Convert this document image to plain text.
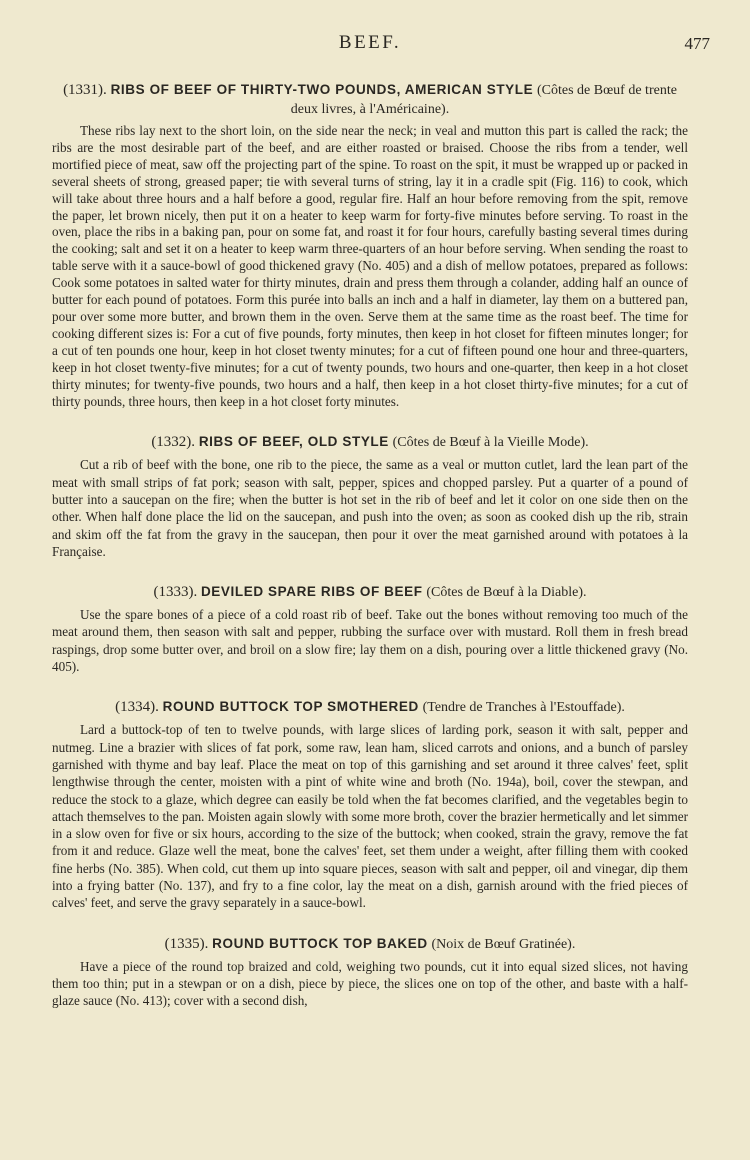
BEEF.	477

(1331). RIBS OF BEEF OF THIRTY-TWO POUNDS, AMERICAN STYLE (Côtes de Bœuf de trente deux livres, à l'Américaine).

These ribs lay next to the short loin, on the side near the neck; in veal and mutton this part is called the rack; the ribs are the most desirable part of the beef, and are either roasted or braised. Choose the ribs from a tender, well mortified piece of meat, saw off the projecting part of the spine. To roast on the spit, it must be wrapped up or packed in several sheets of strong, greased paper; tie with several turns of string, lay it in a cradle spit (Fig. 116) to cook, which will take about three hours and a half before a good, regular fire. Half an hour before removing from the spit, remove the paper, let brown nicely, then put it on a heater to keep warm for forty-five minutes before serving. To roast in the oven, place the ribs in a baking pan, pour on some fat, and roast it for four hours, carefully basting several times during the cooking; salt and set it on a heater to keep warm three-quarters of an hour before serving. When sending the roast to table serve with it a sauce-bowl of good thickened gravy (No. 405) and a dish of mellow potatoes, prepared as follows: Cook some potatoes in salted water for thirty minutes, drain and press them through a colander, adding half an ounce of butter for each pound of potatoes. Form this purée into balls an inch and a half in diameter, lay them on a buttered pan, pour over some more butter, and brown them in the oven. Serve them at the same time as the roast beef. The time for cooking different sizes is: For a cut of five pounds, forty minutes, then keep in hot closet for fifteen minutes longer; for a cut of ten pounds one hour, keep in hot closet twenty minutes; for a cut of fifteen pound one hour and three-quarters, keep in hot closet twenty-five minutes; for a cut of twenty pounds, two hours and one-quarter, then keep in a hot closet thirty minutes; for twenty-five pounds, two hours and a half, then keep in a hot closet thirty-five minutes; for a cut of thirty pounds, three hours, then keep in a hot closet forty minutes.

(1332). RIBS OF BEEF, OLD STYLE (Côtes de Bœuf à la Vieille Mode).

Cut a rib of beef with the bone, one rib to the piece, the same as a veal or mutton cutlet, lard the lean part of the meat with small strips of fat pork; season with salt, pepper, spices and chopped parsley. Put a quarter of a pound of butter into a saucepan on the fire; when the butter is hot set in the rib of beef and let it color on one side then on the other. When half done place the lid on the saucepan, and push into the oven; as soon as cooked dish up the rib, strain and skim off the fat from the gravy in the saucepan, then pour it over the meat garnished around with potatoes à la Française.

(1333). DEVILED SPARE RIBS OF BEEF (Côtes de Bœuf à la Diable).

Use the spare bones of a piece of a cold roast rib of beef. Take out the bones without removing too much of the meat around them, then season with salt and pepper, rubbing the surface over with mustard. Roll them in fresh bread raspings, drop some butter over, and broil on a slow fire; lay them on a dish, pouring over a little thickened gravy (No. 405).

(1334). ROUND BUTTOCK TOP SMOTHERED (Tendre de Tranches à l'Estouffade).

Lard a buttock-top of ten to twelve pounds, with large slices of larding pork, season it with salt, pepper and nutmeg. Line a brazier with slices of fat pork, some raw, lean ham, sliced carrots and onions, and a bunch of parsley garnished with thyme and bay leaf. Place the meat on top of this garnishing and set around it three calves' feet, split lengthwise through the center, moisten with a pint of white wine and broth (No. 194a), boil, cover the stewpan, and reduce the stock to a glaze, which degree can easily be told when the fat becomes clarified, and the vegetables begin to attach themselves to the pan. Moisten again slowly with some more broth, cover the brazier hermetically and let simmer in a slow oven for five or six hours, according to the size of the buttock; when cooked, strain the gravy, remove the fat from it and reduce. Glaze well the meat, bone the calves' feet, set them under a weight, after filling them with cooked fine herbs (No. 385). When cold, cut them up into square pieces, season with salt and pepper, oil and vinegar, dip them into a frying batter (No. 137), and fry to a fine color, lay the meat on a dish, garnish around with the fried pieces of calves' feet, and serve the gravy separately in a sauce-bowl.

(1335). ROUND BUTTOCK TOP BAKED (Noix de Bœuf Gratinée).

Have a piece of the round top braized and cold, weighing two pounds, cut it into equal sized slices, not having them too thin; put in a stewpan or on a dish, piece by piece, the slices one on top of the other, and baste with a half-glaze sauce (No. 413); cover with a second dish,
